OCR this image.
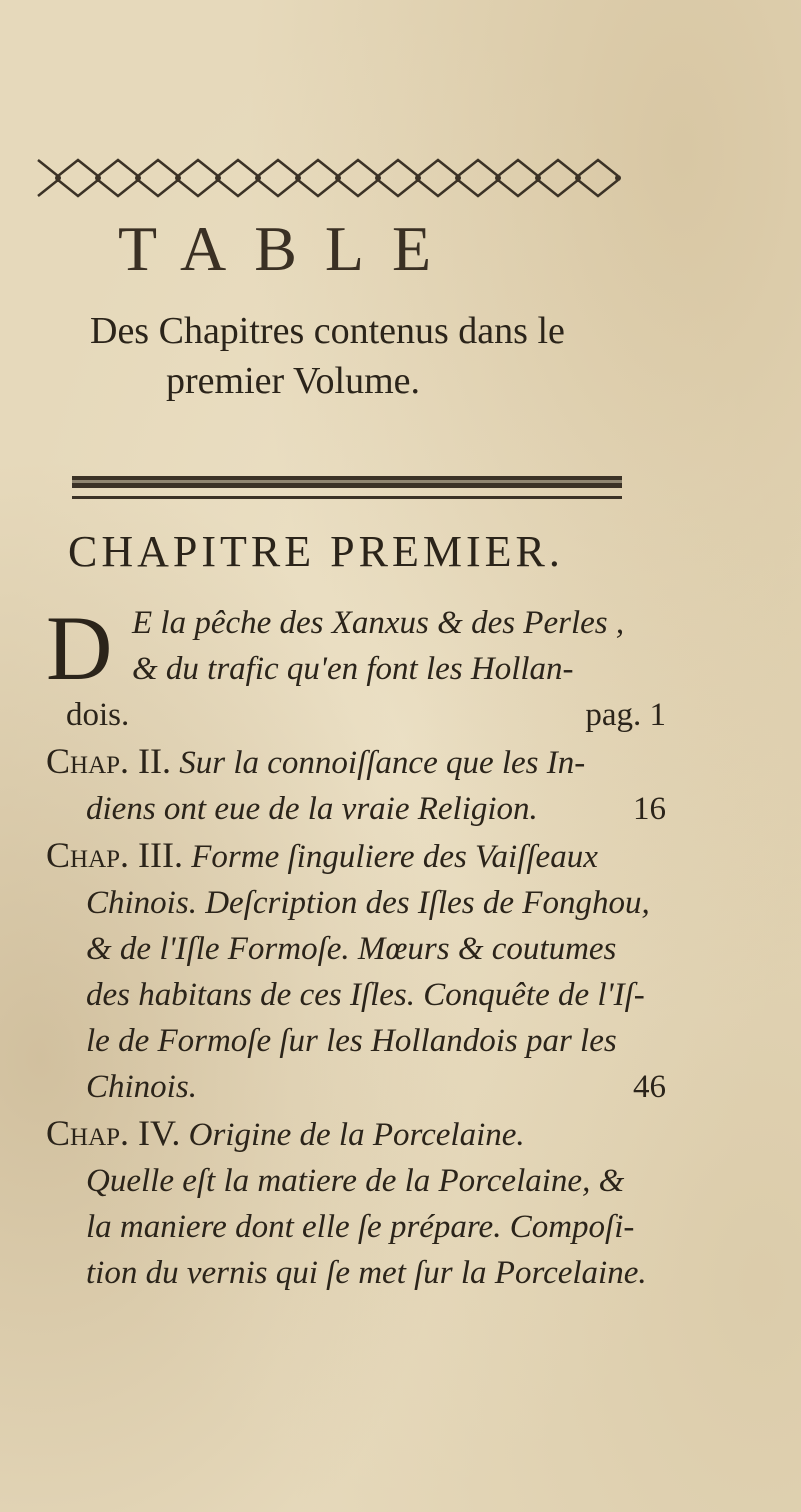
TABLE
Des Chapitres contenus dans le
premier Volume.
CHAPITRE PREMIER.
D E la pêche des Xanxus & des Perles ,
& du trafic qu'en font les Hollan-
dois.	pag. 1
Chap. II. Sur la connoiſſance que les In-
diens ont eue de la vraie Religion.	16
Chap. III. Forme ſinguliere des Vaiſſeaux
Chinois. Deſcription des Iſles de Fonghou,
& de l'Iſle Formoſe. Mœurs & coutumes
des habitans de ces Iſles. Conquête de l'Iſ-
le de Formoſe ſur les Hollandois par les
Chinois.	46
Chap. IV. Origine de la Porcelaine.
Quelle eſt la matiere de la Porcelaine, &
la maniere dont elle ſe prépare. Compoſi-
tion du vernis qui ſe met ſur la Porcelaine.
